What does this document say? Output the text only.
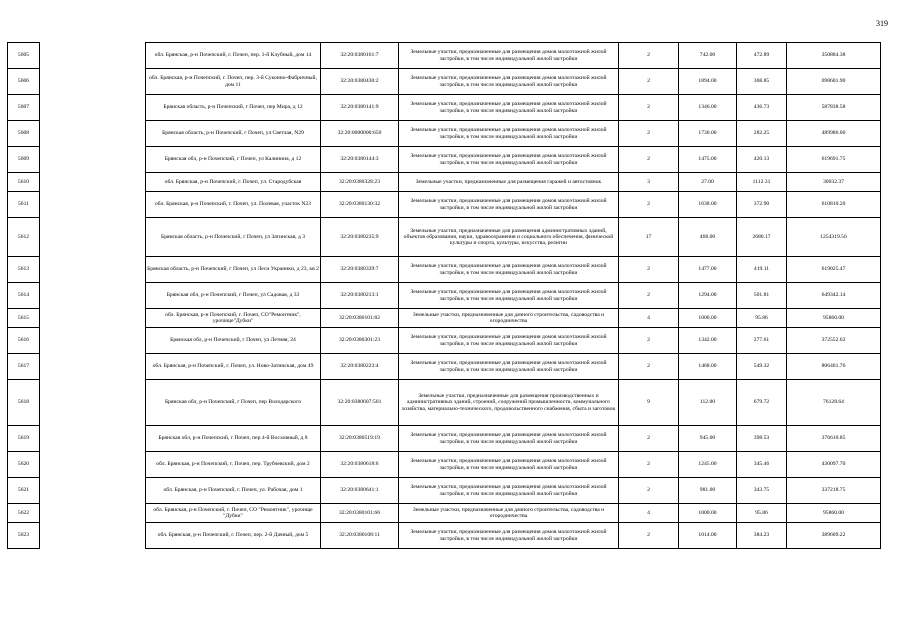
319
5605		обл. Брянская, р-н Почепский, г. Почеп, пер. 1-й Клубный, дом 14	32:20:0380161:7	Земельные участки, предназначенные для размещения домов малоэтажной жилой застройки, в том числе индивидуальной жилой застройки	2	742.00	472.89	350884.38
5606		обл. Брянская, р-н Почепский, г. Почеп, пер. 3-й Суконно-Фабричный, дом 11	32:20:0380430:2	Земельные участки, предназначенные для размещения домов малоэтажной жилой застройки, в том числе индивидуальной жилой застройки	2	1894.00	368.85	698601.90
5607		Брянская область, р-н Почепский, г Почеп, пер Мира, д 12	32:20:0380141:9	Земельные участки, предназначенные для размещения домов малоэтажной жилой застройки, в том числе индивидуальной жилой застройки	2	1346.00	436.73	587838.58
5608		Брянская область, р-н Почепский, г Почеп, ул Светлая, N29	32:20:0000000:650	Земельные участки, предназначенные для размещения домов малоэтажной жилой застройки, в том числе индивидуальной жилой застройки	2	1736.00	282.25	489986.00
5609		Брянская обл, р-н Почепский, г Почеп, ул Калинина, д 12	32:20:0380144:3	Земельные участки, предназначенные для размещения домов малоэтажной жилой застройки, в том числе индивидуальной жилой застройки	2	1475.00	420.13	619691.75
5610		обл. Брянская, р-н Почепский, г. Почеп, ул. Стародубская	32:20:0380328:23	Земельные участки, предназначенные для размещения гаражей и автостоянок	3	27.00	1112.31	30032.37
5611		обл. Брянская, р-н Почепский, г. Почеп, ул. Полевая, участок N23	32:20:0380130:32	Земельные участки, предназначенные для размещения домов малоэтажной жилой застройки, в том числе индивидуальной жилой застройки	2	1638.00	372.90	610810.20
5612		Брянская область, р-н Почепский, г Почеп, ул Затинская, д 3	32:20:0380235:9	Земельные участки, предназначенные для размещения административных зданий, объектов образования, науки, здравоохранения и социального обеспечения, физической культуры и спорта, культуры, искусства, религии	17	468.00	2680.17	1254319.56
5613		Брянская область, р-н Почепский, г Почеп, ул Леси Украинки, д 23, кв 2	32:20:0380339:7	Земельные участки, предназначенные для размещения домов малоэтажной жилой застройки, в том числе индивидуальной жилой застройки	2	1477.00	419.11	619025.47
5614		Брянская обл, р-н Почепский, г Почеп, ул Садовая, д 33	32:20:0380213:1	Земельные участки, предназначенные для размещения домов малоэтажной жилой застройки, в том числе индивидуальной жилой застройки	2	1294.00	501.81	649342.14
5615		обл. Брянская, р-н Почепский, г. Почеп, СО"Ремонтник", урочище"Дубки"	32:20:0380101:82	Земельные участки, предназначенные для дачного строительства, садоводства и огородничества	4	1000.00	95.86	95860.00
5616		Брянская обл, р-н Почепский, г Почеп, ул Летняя, 24	32:20:0380301:23	Земельные участки, предназначенные для размещения домов малоэтажной жилой застройки, в том числе индивидуальной жилой застройки	2	1342.00	277.61	372552.62
5617		обл. Брянская, р-н Почепский, г. Почеп, ул. Ново-Затинская, дом 49	32:20:0380223:4	Земельные участки, предназначенные для размещения домов малоэтажной жилой застройки, в том числе индивидуальной жилой застройки	2	1468.00	549.32	806401.76
5618		Брянская обл, р-н Почепский, г Почеп, пер Володарского	32:20:0380607:501	Земельные участки, предназначенные для размещения производственных и административных зданий, строений, сооружений промышленности, коммунального хозяйства, материально-технического, продовольственного снабжения, сбыта и заготовок	9	112.00	679.72	76128.64
5619		Брянская обл, р-н Почепский, г Почеп, пер 4-й Восховный, д 8	32:20:0380519:19	Земельные участки, предназначенные для размещения домов малоэтажной жилой застройки, в том числе индивидуальной жилой застройки	2	945.00	398.53	376610.85
5620		обл. Брянская, р-н Почепский, г. Почеп, пер. Трубчевский, дом 2	32:20:0380618:6	Земельные участки, предназначенные для размещения домов малоэтажной жилой застройки, в том числе индивидуальной жилой застройки	2	1245.00	345.46	430097.70
5621		обл. Брянская, р-н Почепский, г. Почеп, ул. Рабочая, дом 1	32:20:0380641:1	Земельные участки, предназначенные для размещения домов малоэтажной жилой застройки, в том числе индивидуальной жилой застройки	2	981.00	343.75	337218.75
5622		обл. Брянская, р-н Почепский, г. Почеп, СО "Ремонтник", урочище "Дубки"	32:20:0380101:66	Земельные участки, предназначенные для дачного строительства, садоводства и огородничества	4	1000.00	95.86	95860.00
5623		обл. Брянская, р-н Почепский, г. Почеп, пер. 2-й Дачный, дом 5	32:20:0380108:11	Земельные участки, предназначенные для размещения домов малоэтажной жилой застройки, в том числе индивидуальной жилой застройки	2	1014.00	384.23	389609.22
